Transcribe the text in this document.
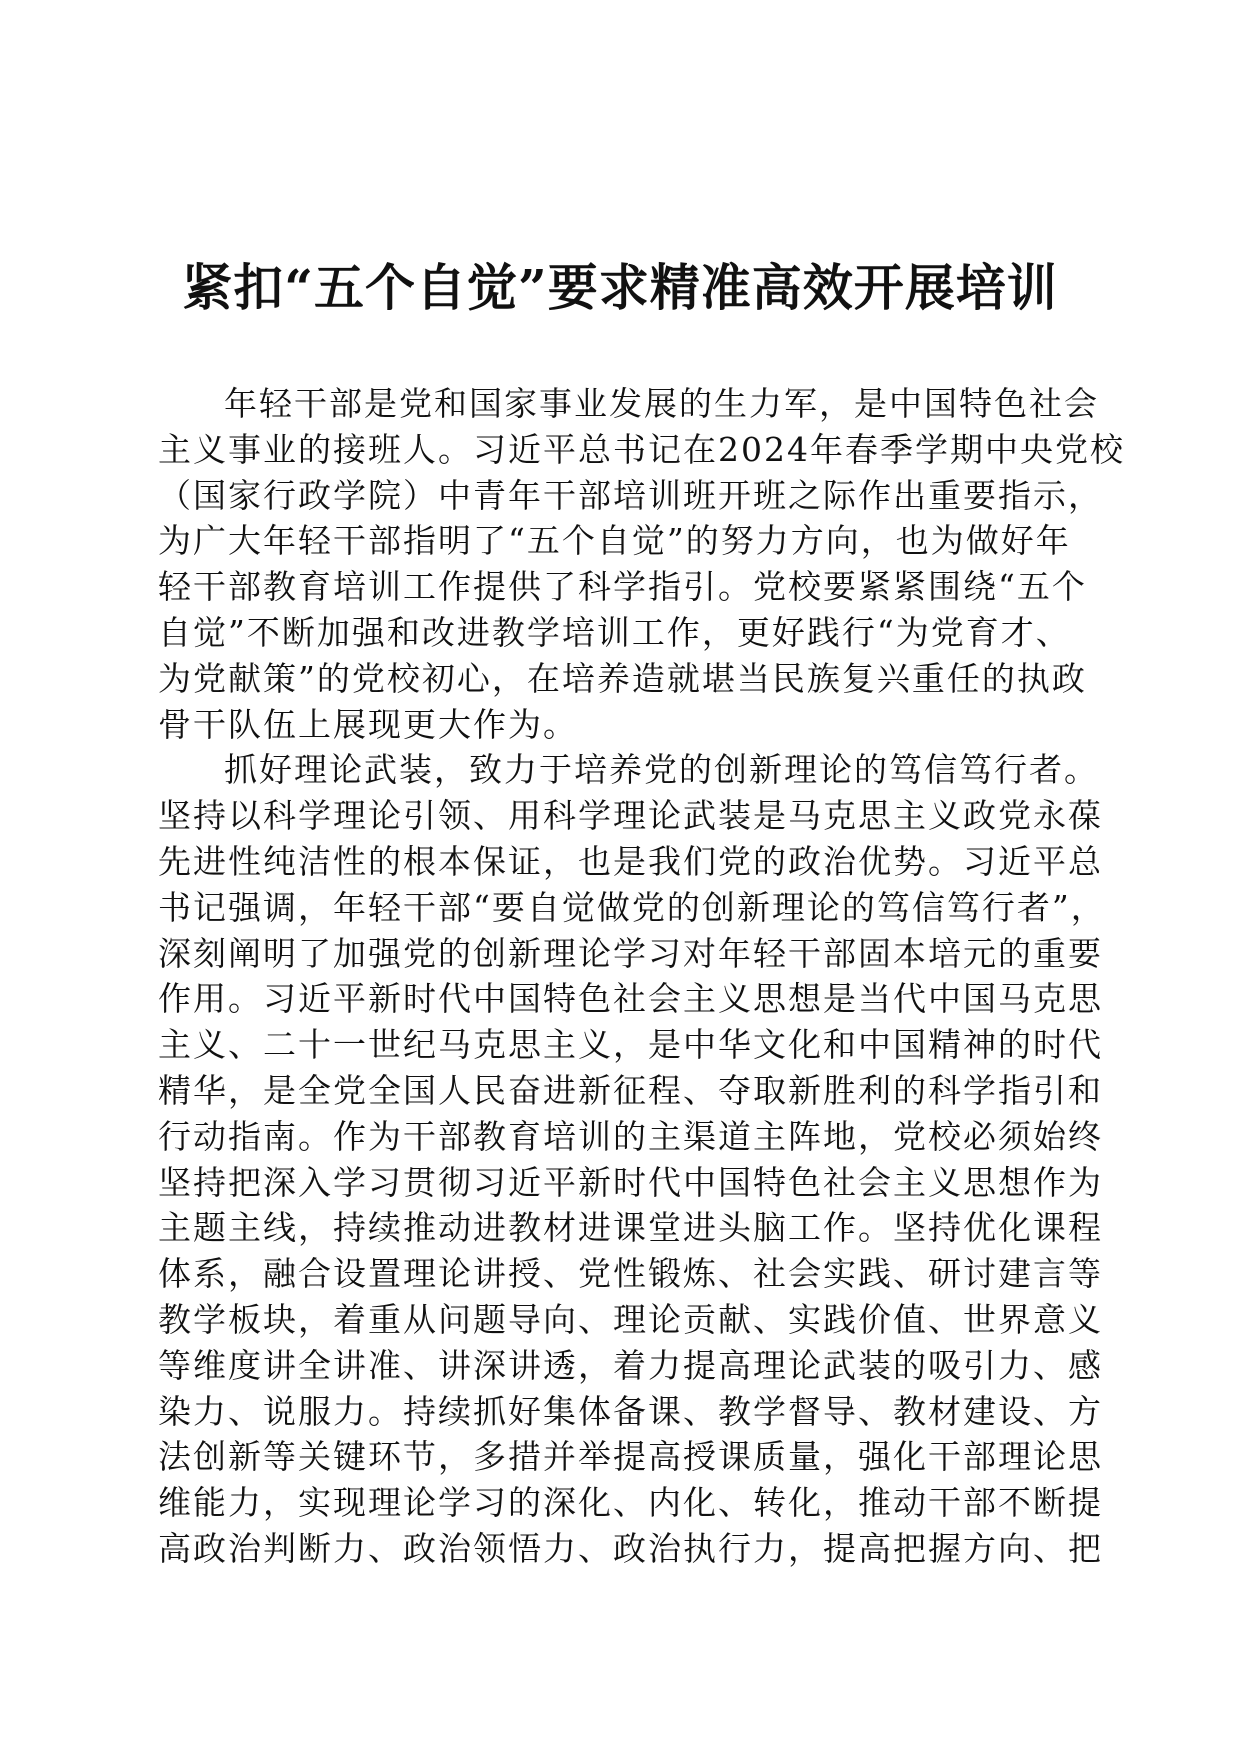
紧扣“五个自觉”要求精准高效开展培训
年轻干部是党和国家事业发展的生力军，是中国特色社会
主义事业的接班人。习近平总书记在2024年春季学期中央党校
（国家行政学院）中青年干部培训班开班之际作出重要指示，
为广大年轻干部指明了“五个自觉”的努力方向，也为做好年
轻干部教育培训工作提供了科学指引。党校要紧紧围绕“五个
自觉”不断加强和改进教学培训工作，更好践行“为党育才、
为党献策”的党校初心，在培养造就堪当民族复兴重任的执政
骨干队伍上展现更大作为。
抓好理论武装，致力于培养党的创新理论的笃信笃行者。
坚持以科学理论引领、用科学理论武装是马克思主义政党永葆
先进性纯洁性的根本保证，也是我们党的政治优势。习近平总
书记强调，年轻干部“要自觉做党的创新理论的笃信笃行者”，
深刻阐明了加强党的创新理论学习对年轻干部固本培元的重要
作用。习近平新时代中国特色社会主义思想是当代中国马克思
主义、二十一世纪马克思主义，是中华文化和中国精神的时代
精华，是全党全国人民奋进新征程、夺取新胜利的科学指引和
行动指南。作为干部教育培训的主渠道主阵地，党校必须始终
坚持把深入学习贯彻习近平新时代中国特色社会主义思想作为
主题主线，持续推动进教材进课堂进头脑工作。坚持优化课程
体系，融合设置理论讲授、党性锻炼、社会实践、研讨建言等
教学板块，着重从问题导向、理论贡献、实践价值、世界意义
等维度讲全讲准、讲深讲透，着力提高理论武装的吸引力、感
染力、说服力。持续抓好集体备课、教学督导、教材建设、方
法创新等关键环节，多措并举提高授课质量，强化干部理论思
维能力，实现理论学习的深化、内化、转化，推动干部不断提
高政治判断力、政治领悟力、政治执行力，提高把握方向、把
